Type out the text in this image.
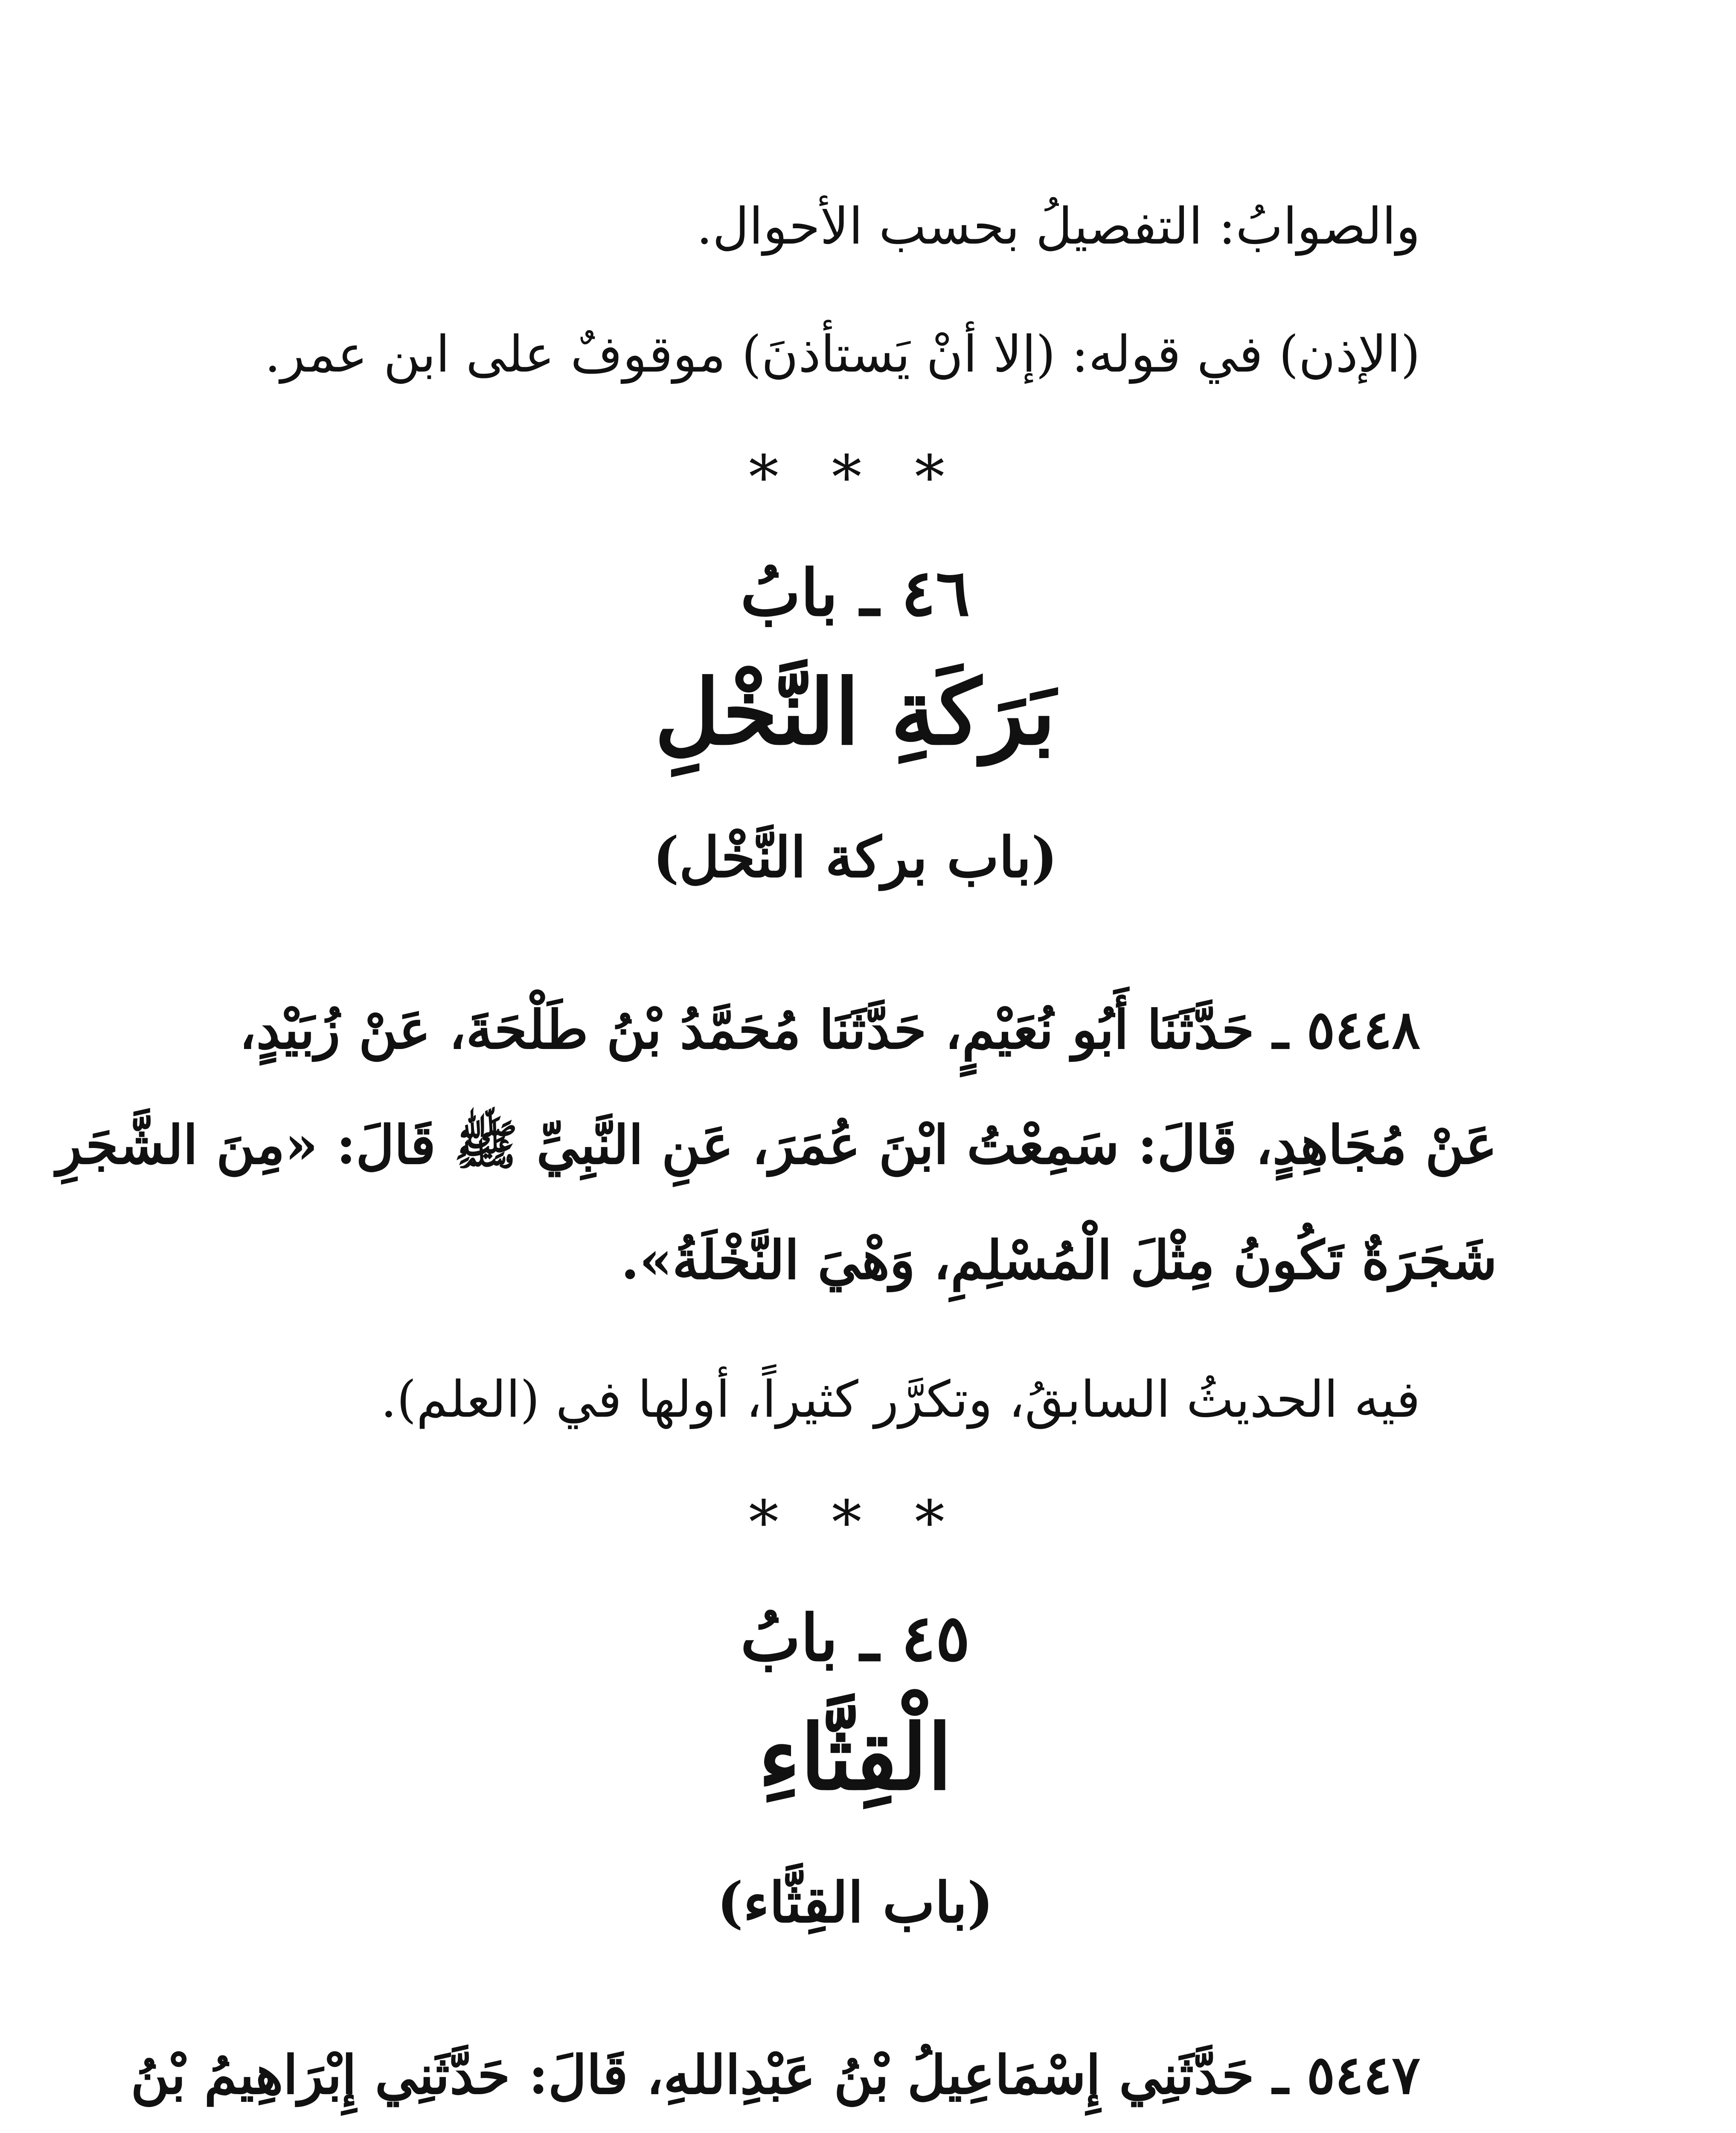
والصوابُ: التفصيلُ بحسب الأحوال.
(الإذن) في قوله: (إلا أنْ يَستأذنَ) موقوفٌ على ابن عمر.
* * *
٤٦ ـ بابُ
بَرَكَةِ النَّخْلِ
(باب بركة النَّخْل)
٥٤٤٨ ـ حَدَّثَنَا أَبُو نُعَيْمٍ، حَدَّثَنَا مُحَمَّدُ بْنُ طَلْحَةَ، عَنْ زُبَيْدٍ،
عَنْ مُجَاهِدٍ، قَالَ: سَمِعْتُ ابْنَ عُمَرَ، عَنِ النَّبِيِّ ﷺ قَالَ: «مِنَ الشَّجَرِ
شَجَرَةٌ تَكُونُ مِثْلَ الْمُسْلِمِ، وَهْيَ النَّخْلَةُ».
فيه الحديثُ السابقُ، وتكرَّر كثيراً، أولها في (العلم).
* * *
٤٥ ـ بابُ
الْقِثَّاءِ
(باب القِثَّاء)
٥٤٤٧ ـ حَدَّثَنِي إِسْمَاعِيلُ بْنُ عَبْدِاللهِ، قَالَ: حَدَّثَنِي إِبْرَاهِيمُ بْنُ
